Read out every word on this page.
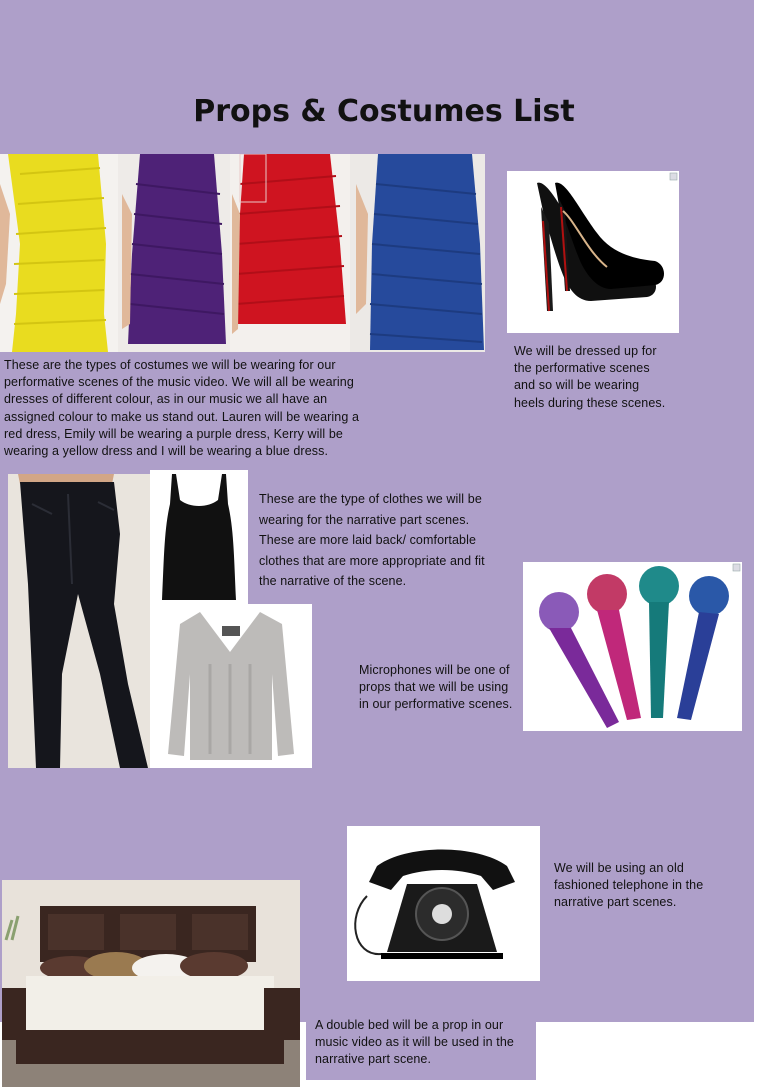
Props & Costumes List
These are the types of costumes we will be wearing for our performative scenes of the music video. We will all be wearing dresses of different colour, as in our music we all have an assigned colour to make us stand out. Lauren will be wearing a red dress, Emily will be wearing a purple dress, Kerry will be wearing a yellow dress and I will be wearing a blue dress.
We will be dressed up for the performative scenes and so will be wearing heels during these scenes.
These are the type of clothes we will be wearing for the narrative part scenes. These are more laid back/ comfortable clothes that are more appropriate and fit the narrative of the scene.
Microphones will be one of props that we will be using in our performative scenes.
We will be using an old fashioned telephone in the narrative part scenes.
A double bed will be a prop in our music video as it will be used in the narrative part scene.
